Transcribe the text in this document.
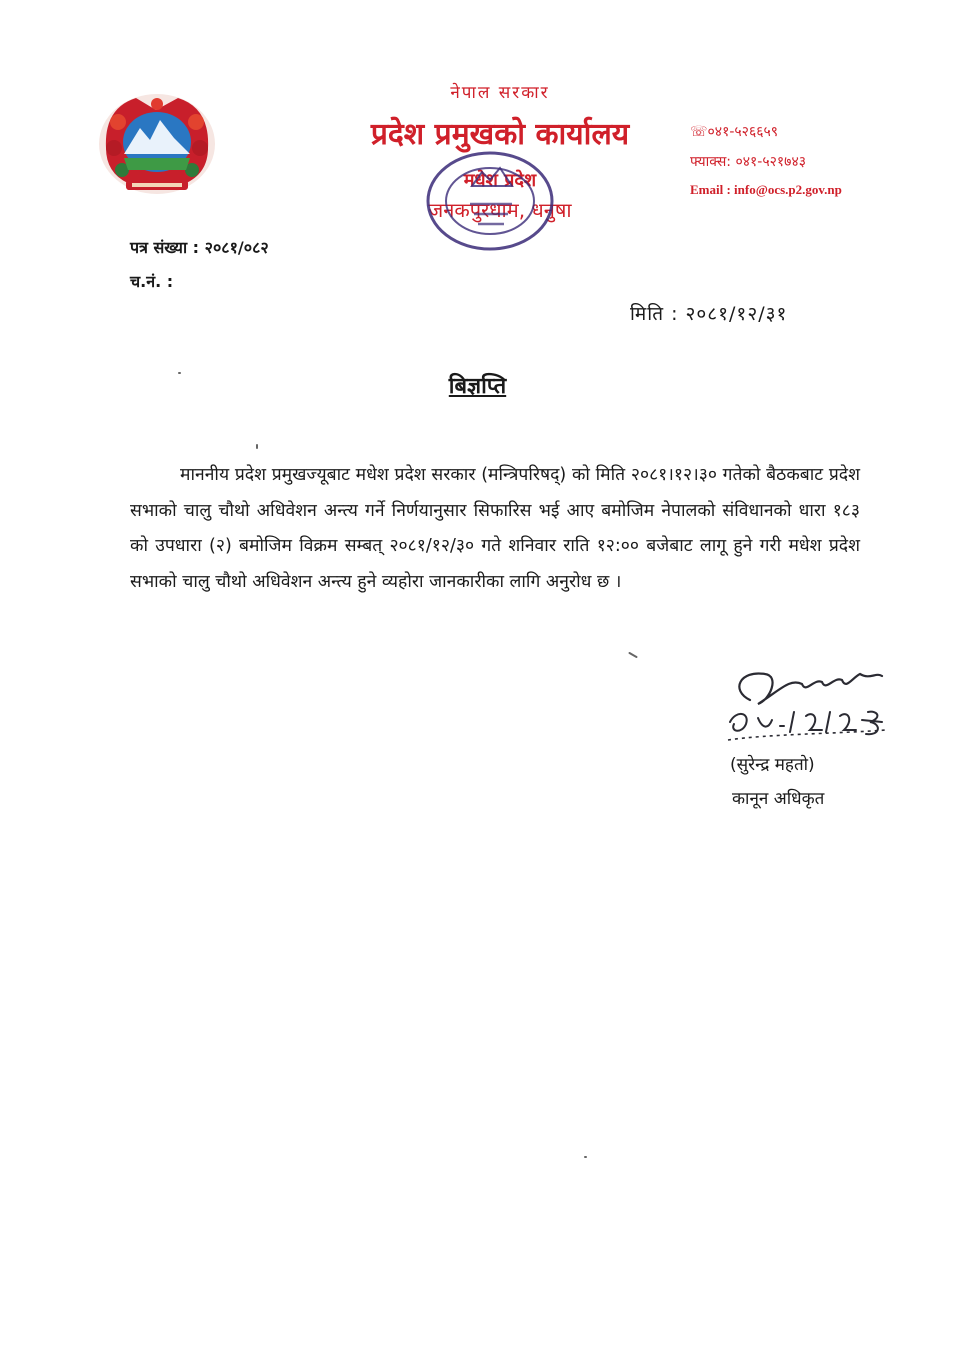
नेपाल सरकार
प्रदेश प्रमुखको कार्यालय
मधेश प्रदेश
जनकपुरधाम, धनुषा
☏०४१-५२६६५९
फ्याक्स: ०४१-५२१७४३
Email : info@ocs.p2.gov.np
पत्र संख्या : २०८१/०८२
च.नं. :
मिति : २०८१/१२/३१
बिज्ञप्ति
माननीय प्रदेश प्रमुखज्यूबाट मधेश प्रदेश सरकार (मन्त्रिपरिषद्) को मिति २०८१।१२।३० गतेको बैठकबाट प्रदेश सभाको चालु चौथो अधिवेशन अन्त्य गर्ने निर्णयानुसार सिफारिस भई आए बमोजिम नेपालको संविधानको धारा १८३ को उपधारा (२) बमोजिम विक्रम सम्बत् २०८१/१२/३० गते शनिवार राति १२:०० बजेबाट लागू हुने गरी मधेश प्रदेश सभाको चालु चौथो अधिवेशन अन्त्य हुने व्यहोरा जानकारीका लागि अनुरोध छ ।
(सुरेन्द्र महतो)
कानून अधिकृत
